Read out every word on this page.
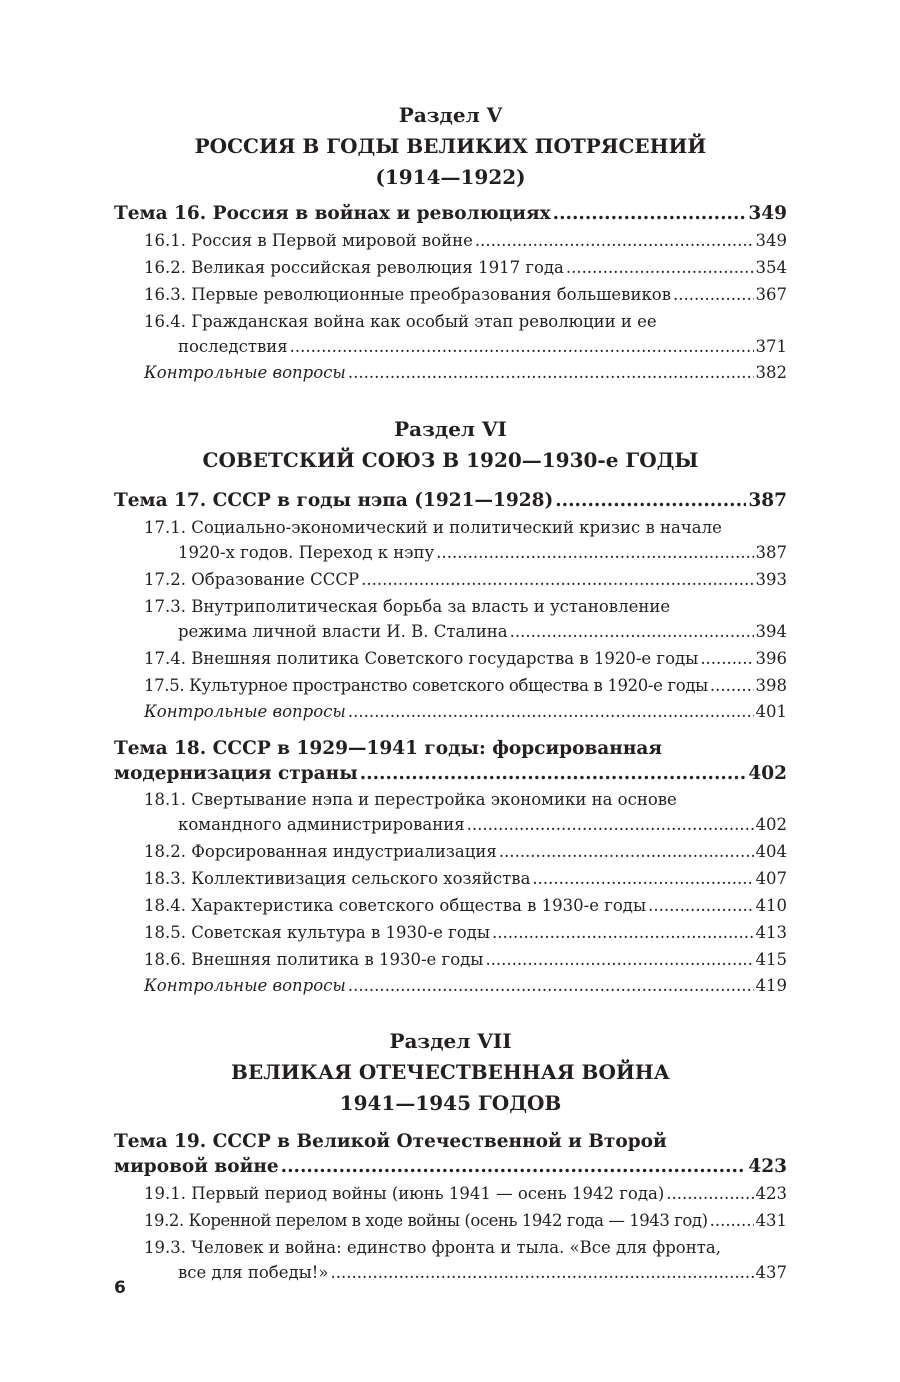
Раздел V
РОССИЯ В ГОДЫ ВЕЛИКИХ ПОТРЯСЕНИЙ
(1914—1922)
Тема 16. Россия в войнах и революциях .....	349
16.1. Россия в Первой мировой войне .....	349
16.2. Великая российская революция 1917 года .....	354
16.3. Первые революционные преобразования большевиков .....	367
16.4. Гражданская война как особый этап революции и ее
последствия .....	371
Контрольные вопросы .....	382
Раздел VI
СОВЕТСКИЙ СОЮЗ В 1920—1930-е ГОДЫ
Тема 17. СССР в годы нэпа (1921—1928) .....	387
17.1. Социально-экономический и политический кризис в начале
1920-х годов. Переход к нэпу .....	387
17.2. Образование СССР .....	393
17.3. Внутриполитическая борьба за власть и установление
режима личной власти И. В. Сталина .....	394
17.4. Внешняя политика Советского государства в 1920-е годы .....	396
17.5. Культурное пространство советского общества в 1920-е годы .....	398
Контрольные вопросы .....	401
Тема 18. СССР в 1929—1941 годы: форсированная
модернизация страны .....	402
18.1. Свертывание нэпа и перестройка экономики на основе
командного администрирования .....	402
18.2. Форсированная индустриализация .....	404
18.3. Коллективизация сельского хозяйства .....	407
18.4. Характеристика советского общества в 1930-е годы .....	410
18.5. Советская культура в 1930-е годы .....	413
18.6. Внешняя политика в 1930-е годы .....	415
Контрольные вопросы .....	419
Раздел VII
ВЕЛИКАЯ ОТЕЧЕСТВЕННАЯ ВОЙНА
1941—1945 ГОДОВ
Тема 19. СССР в Великой Отечественной и Второй
мировой войне .....	423
19.1. Первый период войны (июнь 1941 — осень 1942 года) .....	423
19.2. Коренной перелом в ходе войны (осень 1942 года — 1943 год) .....	431
19.3. Человек и война: единство фронта и тыла. «Все для фронта,
все для победы!» .....	437
6
